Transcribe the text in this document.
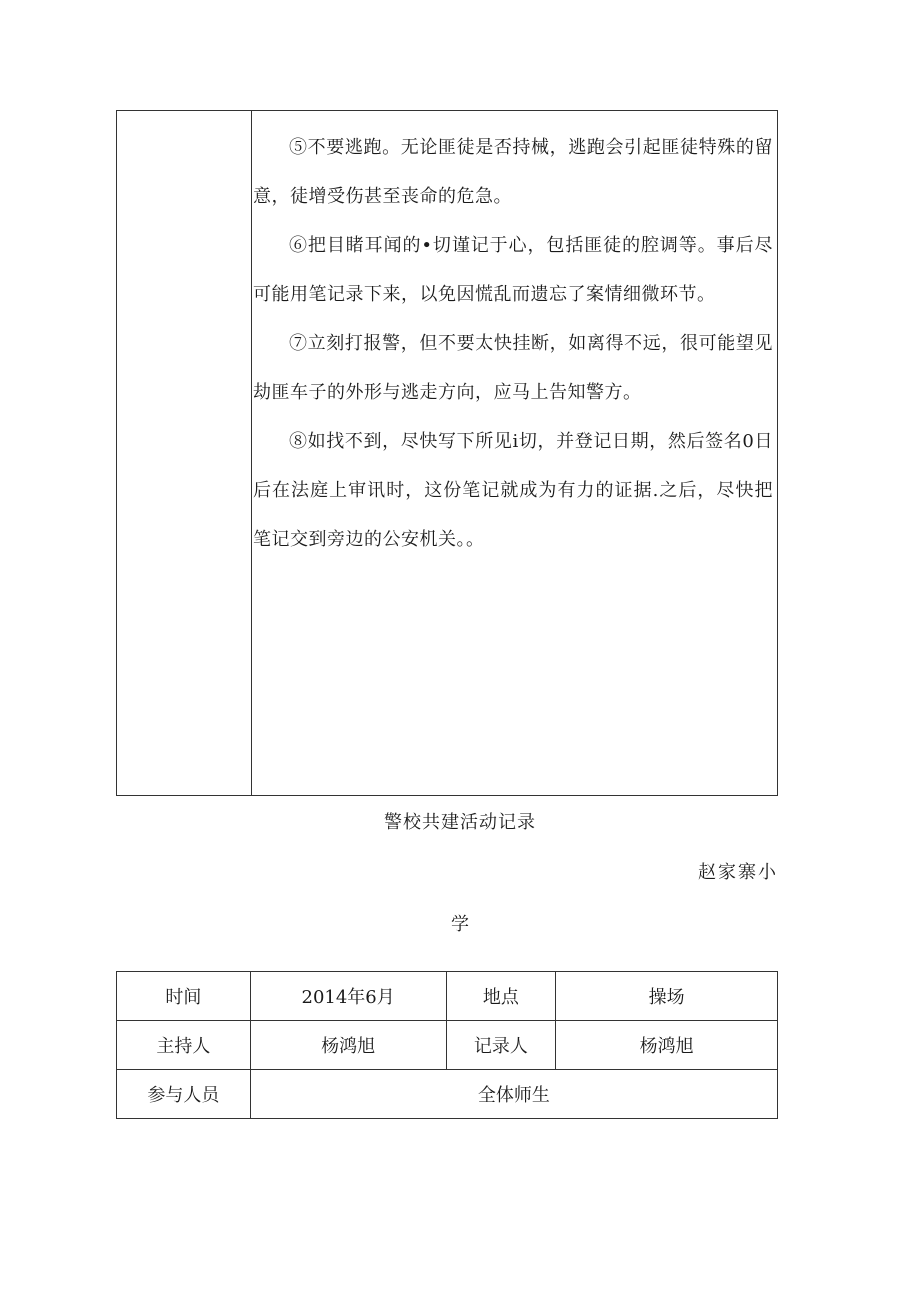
⑤不要逃跑。无论匪徒是否持械，逃跑会引起匪徒特殊的留意，徒增受伤甚至丧命的危急。

⑥把目睹耳闻的•切谨记于心，包括匪徒的腔调等。事后尽可能用笔记录下来，以免因慌乱而遗忘了案情细微环节。

⑦立刻打报警，但不要太快挂断，如离得不远，很可能望见劫匪车子的外形与逃走方向，应马上告知警方。

⑧如找不到，尽快写下所见i切，并登记日期，然后签名0日后在法庭上审讯时，这份笔记就成为有力的证据.之后，尽快把笔记交到旁边的公安机关。。

警校共建活动记录
赵家寨小
学
时间	2014年6月	地点	操场
主持人	杨鸿旭	记录人	杨鸿旭
参与人员	全体师生		
